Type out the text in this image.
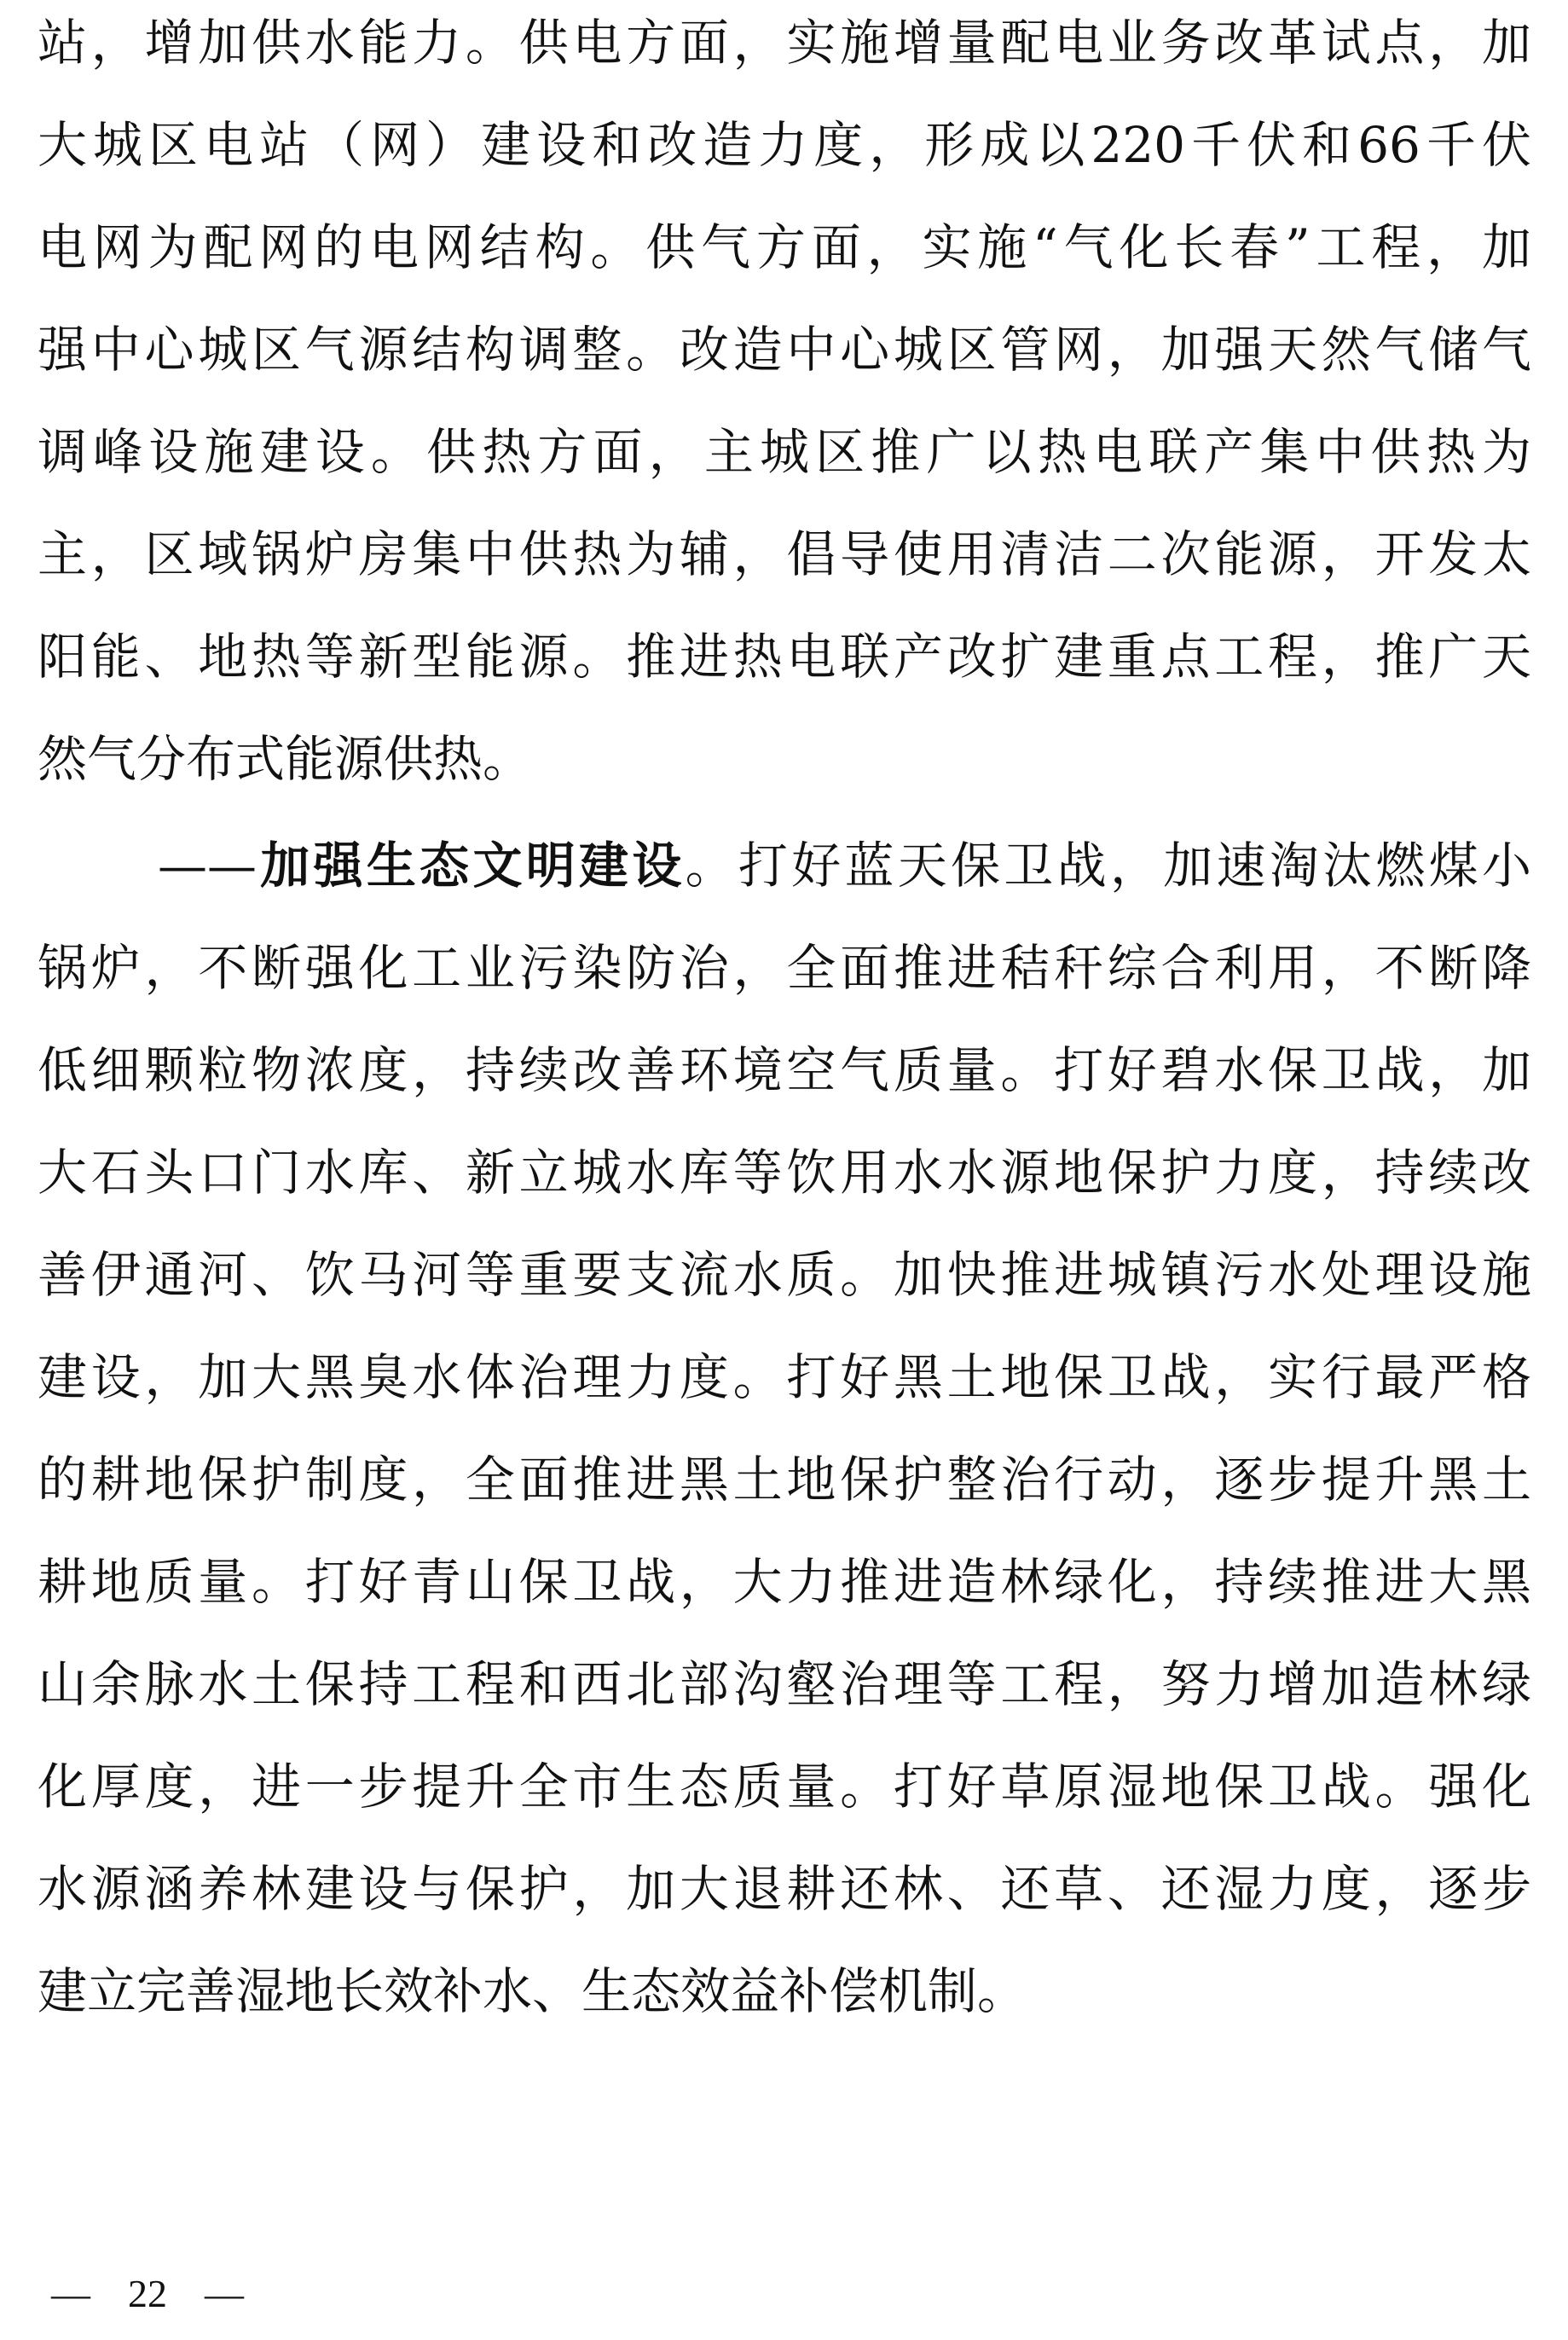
站，增加供水能力。供电方面，实施增量配电业务改革试点，加
大城区电站（网）建设和改造力度，形成以220千伏和66千伏
电网为配网的电网结构。供气方面，实施“气化长春”工程，加
强中心城区气源结构调整。改造中心城区管网，加强天然气储气
调峰设施建设。供热方面，主城区推广以热电联产集中供热为
主，区域锅炉房集中供热为辅，倡导使用清洁二次能源，开发太
阳能、地热等新型能源。推进热电联产改扩建重点工程，推广天
然气分布式能源供热。
——加强生态文明建设。打好蓝天保卫战，加速淘汰燃煤小
锅炉，不断强化工业污染防治，全面推进秸秆综合利用，不断降
低细颗粒物浓度，持续改善环境空气质量。打好碧水保卫战，加
大石头口门水库、新立城水库等饮用水水源地保护力度，持续改
善伊通河、饮马河等重要支流水质。加快推进城镇污水处理设施
建设，加大黑臭水体治理力度。打好黑土地保卫战，实行最严格
的耕地保护制度，全面推进黑土地保护整治行动，逐步提升黑土
耕地质量。打好青山保卫战，大力推进造林绿化，持续推进大黑
山余脉水土保持工程和西北部沟壑治理等工程，努力增加造林绿
化厚度，进一步提升全市生态质量。打好草原湿地保卫战。强化
水源涵养林建设与保护，加大退耕还林、还草、还湿力度，逐步
建立完善湿地长效补水、生态效益补偿机制。
— 22 —
